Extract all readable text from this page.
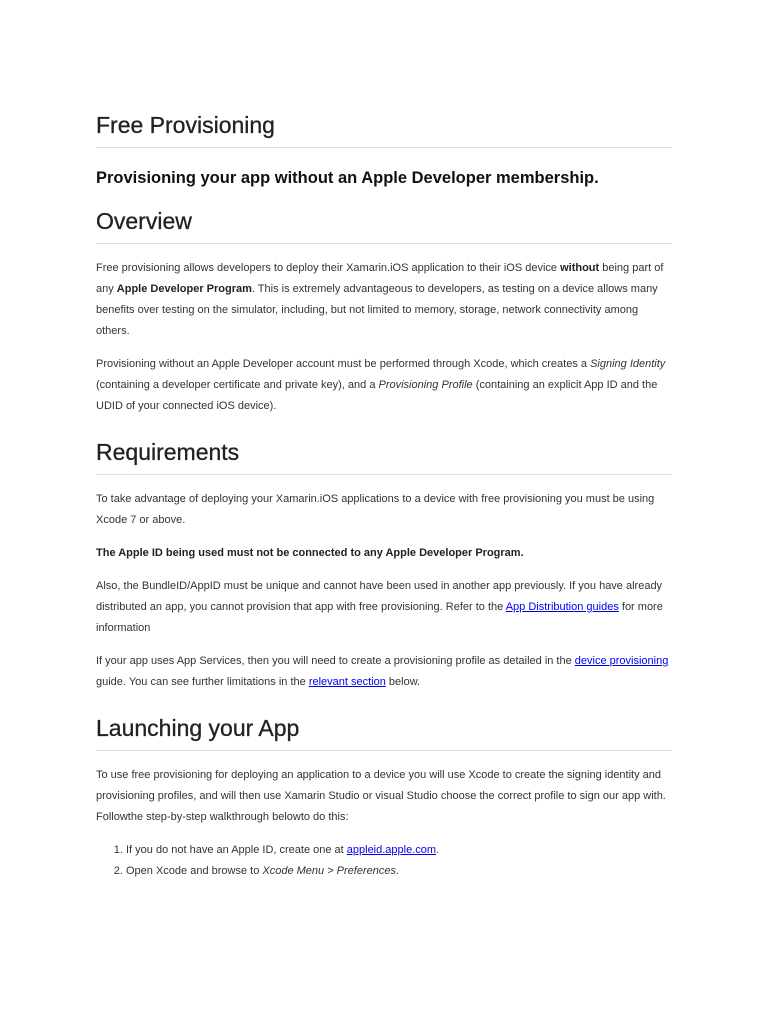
Free Provisioning
Provisioning your app without an Apple Developer membership.
Overview

Free provisioning allows developers to deploy their Xamarin.iOS application to their iOS device without being part of any Apple Developer Program. This is extremely advantageous to developers, as testing on a device allows many benefits over testing on the simulator, including, but not limited to memory, storage, network connectivity among others.

Provisioning without an Apple Developer account must be performed through Xcode, which creates a Signing Identity (containing a developer certificate and private key), and a Provisioning Profile (containing an explicit App ID and the UDID of your connected iOS device).

Requirements

To take advantage of deploying your Xamarin.iOS applications to a device with free provisioning you must be using Xcode 7 or above.

The Apple ID being used must not be connected to any Apple Developer Program.

Also, the BundleID/AppID must be unique and cannot have been used in another app previously. If you have already distributed an app, you cannot provision that app with free provisioning. Refer to the App Distribution guides for more information

If your app uses App Services, then you will need to create a provisioning profile as detailed in the device provisioning guide. You can see further limitations in the relevant section below.

Launching your App

To use free provisioning for deploying an application to a device you will use Xcode to create the signing identity and provisioning profiles, and will then use Xamarin Studio or visual Studio choose the correct profile to sign our app with. Followthe step-by-step walkthrough belowto do this:

1. If you do not have an Apple ID, create one at appleid.apple.com.
2. Open Xcode and browse to Xcode Menu > Preferences.
